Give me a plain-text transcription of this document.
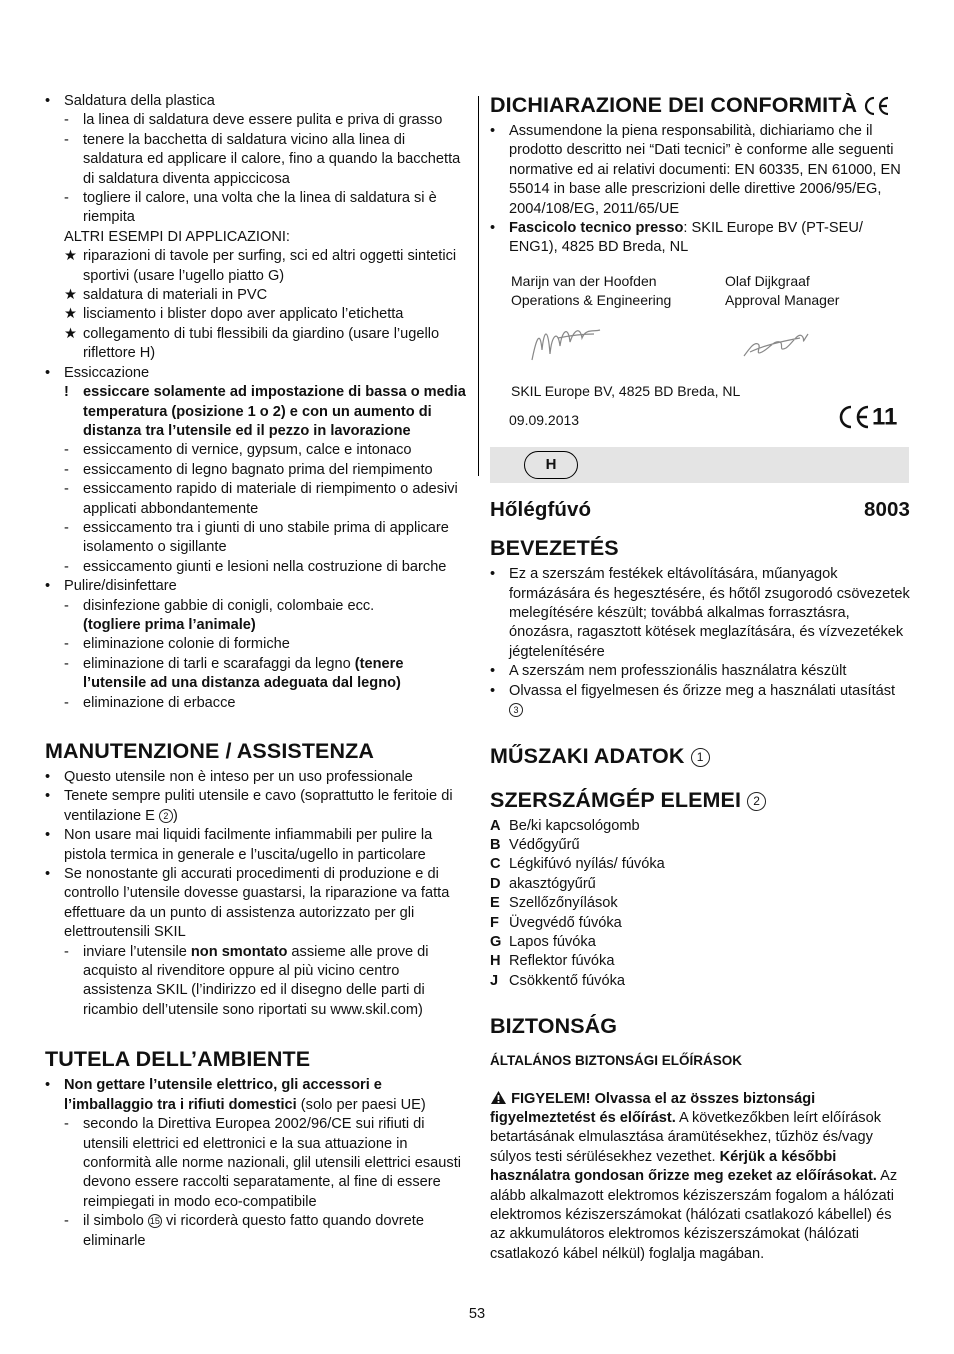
• Saldatura della plastica
- la linea di saldatura deve essere pulita e priva di grasso
- tenere la bacchetta di saldatura vicino alla linea di saldatura ed applicare il calore, fino a quando la bacchetta di saldatura diventa appiccicosa
- togliere il calore, una volta che la linea di saldatura si è riempita
ALTRI ESEMPI DI APPLICAZIONI:
★ riparazioni di tavole per surfing, sci ed altri oggetti sintetici sportivi (usare l’ugello piatto G)
★ saldatura di materiali in PVC
★ lisciamento i blister dopo aver applicato l’etichetta
★ collegamento di tubi flessibili da giardino (usare l’ugello riflettore H)
• Essiccazione
! essiccare solamente ad impostazione di bassa o media temperatura (posizione 1 o 2) e con un aumento di distanza tra l’utensile ed il pezzo in lavorazione
- essiccamento di vernice, gypsum, calce e intonaco
- essiccamento di legno bagnato prima del riempimento
- essiccamento rapido di materiale di riempimento o adesivi applicati abbondantemente
- essiccamento tra i giunti di uno stabile prima di applicare isolamento o sigillante
- essiccamento giunti e lesioni nella costruzione di barche
• Pulire/disinfettare
- disinfezione gabbie di conigli, colombaie ecc.
(togliere prima l’animale)
- eliminazione colonie di formiche
- eliminazione di tarli e scarafaggi da legno (tenere l’utensile ad una distanza adeguata dal legno)
- eliminazione di erbacce
MANUTENZIONE / ASSISTENZA
• Questo utensile non è inteso per un uso professionale
• Tenete sempre puliti utensile e cavo (soprattutto le feritoie di ventilazione E 2 )
• Non usare mai liquidi facilmente infiammabili per pulire la pistola termica in generale e l’uscita/ugello in particolare
• Se nonostante gli accurati procedimenti di produzione e di controllo l’utensile dovesse guastarsi, la riparazione va fatta effettuare da un punto di assistenza autorizzato per gli elettroutensili SKIL
- inviare l’utensile non smontato assieme alle prove di acquisto al rivenditore oppure al più vicino centro assistenza SKIL (l’indirizzo ed il disegno delle parti di ricambio dell’utensile sono riportati su www.skil.com)
TUTELA DELL’AMBIENTE
• Non gettare l’utensile elettrico, gli accessori e l’imballaggio tra i rifiuti domestici (solo per paesi UE)
- secondo la Direttiva Europea 2002/96/CE sui rifiuti di utensili elettrici ed elettronici e la sua attuazione in conformità alle norme nazionali, glil utensili elettrici esausti devono essere raccolti separatamente, al fine di essere reimpiegati in modo eco-compatibile
- il simbolo 15 vi ricorderà questo fatto quando dovrete eliminarle
DICHIARAZIONE DEI CONFORMITÀ
• Assumendone la piena responsabilità, dichiariamo che il prodotto descritto nei “Dati tecnici” è conforme alle seguenti normative ed ai relativi documenti: EN 60335, EN 61000, EN 55014 in base alle prescrizioni delle direttive 2006/95/EG, 2004/108/EG, 2011/65/UE
• Fascicolo tecnico presso: SKIL Europe BV (PT-SEU/ ENG1), 4825 BD Breda, NL
Marijn van der Hoofden
Operations & Engineering
Olaf Dijkgraaf
Approval Manager
SKIL Europe BV, 4825 BD Breda, NL
09.09.2013	11
H
Hőlégfúvó	8003
BEVEZETÉS
• Ez a szerszám festékek eltávolítására, műanyagok formázására és hegesztésére, és hőtől zsugorodó csövezetek melegítésére készült; továbbá alkalmas forrasztásra, ónozásra, ragasztott kötések meglazítására, és vízvezetékek jégtelenítésére
• A szerszám nem professzionális használatra készült
• Olvassa el figyelmesen és őrizze meg a használati utasítást 3
MŰSZAKI ADATOK 1
SZERSZÁMGÉP ELEMEI 2
A Be/ki kapcsológomb
B Védőgyűrű
C Légkifúvó nyílás/ fúvóka
D akasztógyűrű
E Szellőzőnyílások
F Üvegvédő fúvóka
G Lapos fúvóka
H Reflektor fúvóka
J Csökkentő fúvóka
BIZTONSÁG
ÁLTALÁNOS BIZTONSÁGI ELŐÍRÁSOK
FIGYELEM! Olvassa el az összes biztonsági figyelmeztetést és előírást. A következőkben leírt előírások betartásának elmulasztása áramütésekhez, tűzhöz és/vagy súlyos testi sérülésekhez vezethet. Kérjük a későbbi használatra gondosan őrizze meg ezeket az előírásokat. Az alább alkalmazott elektromos kéziszerszám fogalom a hálózati elektromos kéziszerszámokat (hálózati csatlakozó kábellel) és az akkumulátoros elektromos kéziszerszámokat (hálózati csatlakozó kábel nélkül) foglalja magában.
53
